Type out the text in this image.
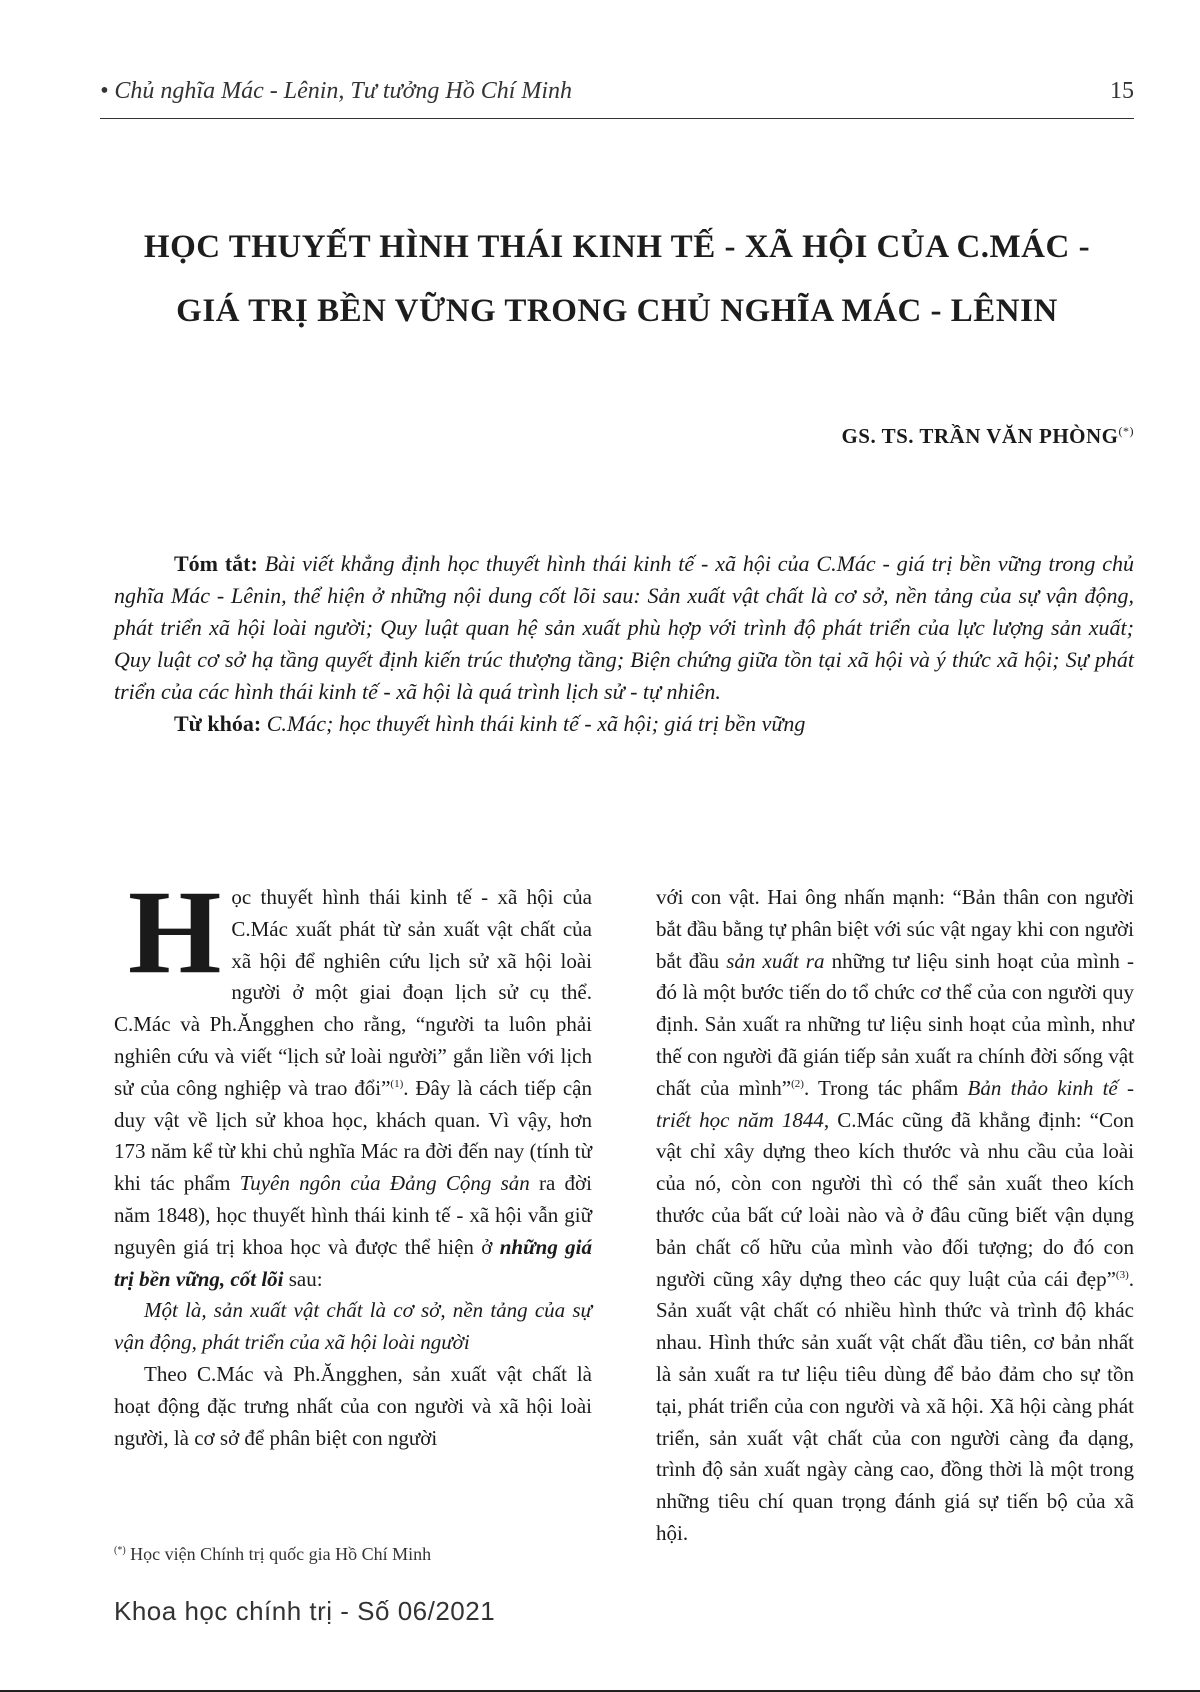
• Chủ nghĩa Mác - Lênin, Tư tưởng Hồ Chí Minh	15
HỌC THUYẾT HÌNH THÁI KINH TẾ - XÃ HỘI CỦA C.MÁC -
GIÁ TRỊ BỀN VỮNG TRONG CHỦ NGHĨA MÁC - LÊNIN
GS. TS. TRẦN VĂN PHÒNG(*)

Tóm tắt: Bài viết khẳng định học thuyết hình thái kinh tế - xã hội của C.Mác - giá trị bền vững trong chủ nghĩa Mác - Lênin, thể hiện ở những nội dung cốt lõi sau: Sản xuất vật chất là cơ sở, nền tảng của sự vận động, phát triển xã hội loài người; Quy luật quan hệ sản xuất phù hợp với trình độ phát triển của lực lượng sản xuất; Quy luật cơ sở hạ tầng quyết định kiến trúc thượng tầng; Biện chứng giữa tồn tại xã hội và ý thức xã hội; Sự phát triển của các hình thái kinh tế - xã hội là quá trình lịch sử - tự nhiên.

Từ khóa: C.Mác; học thuyết hình thái kinh tế - xã hội; giá trị bền vững

Học thuyết hình thái kinh tế - xã hội của C.Mác xuất phát từ sản xuất vật chất của xã hội để nghiên cứu lịch sử xã hội loài người ở một giai đoạn lịch sử cụ thể. C.Mác và Ph.Ăngghen cho rằng, “người ta luôn phải nghiên cứu và viết “lịch sử loài người” gắn liền với lịch sử của công nghiệp và trao đổi”$^{(1)}$. Đây là cách tiếp cận duy vật về lịch sử khoa học, khách quan. Vì vậy, hơn 173 năm kể từ khi chủ nghĩa Mác ra đời đến nay (tính từ khi tác phẩm Tuyên ngôn của Đảng Cộng sản ra đời năm 1848), học thuyết hình thái kinh tế - xã hội vẫn giữ nguyên giá trị khoa học và được thể hiện ở những giá trị bền vững, cốt lõi sau:

Một là, sản xuất vật chất là cơ sở, nền tảng của sự vận động, phát triển của xã hội loài người

Theo C.Mác và Ph.Ăngghen, sản xuất vật chất là hoạt động đặc trưng nhất của con người và xã hội loài người, là cơ sở để phân biệt con người

với con vật. Hai ông nhấn mạnh: “Bản thân con người bắt đầu bằng tự phân biệt với súc vật ngay khi con người bắt đầu sản xuất ra những tư liệu sinh hoạt của mình - đó là một bước tiến do tổ chức cơ thể của con người quy định. Sản xuất ra những tư liệu sinh hoạt của mình, như thế con người đã gián tiếp sản xuất ra chính đời sống vật chất của mình”$^{(2)}$. Trong tác phẩm Bản thảo kinh tế - triết học năm 1844, C.Mác cũng đã khẳng định: “Con vật chỉ xây dựng theo kích thước và nhu cầu của loài của nó, còn con người thì có thể sản xuất theo kích thước của bất cứ loài nào và ở đâu cũng biết vận dụng bản chất cố hữu của mình vào đối tượng; do đó con người cũng xây dựng theo các quy luật của cái đẹp”$^{(3)}$. Sản xuất vật chất có nhiều hình thức và trình độ khác nhau. Hình thức sản xuất vật chất đầu tiên, cơ bản nhất là sản xuất ra tư liệu tiêu dùng để bảo đảm cho sự tồn tại, phát triển của con người và xã hội. Xã hội càng phát triển, sản xuất vật chất của con người càng đa dạng, trình độ sản xuất ngày càng cao, đồng thời là một trong những tiêu chí quan trọng đánh giá sự tiến bộ của xã hội.

(*) Học viện Chính trị quốc gia Hồ Chí Minh
Khoa học chính trị - Số 06/2021
